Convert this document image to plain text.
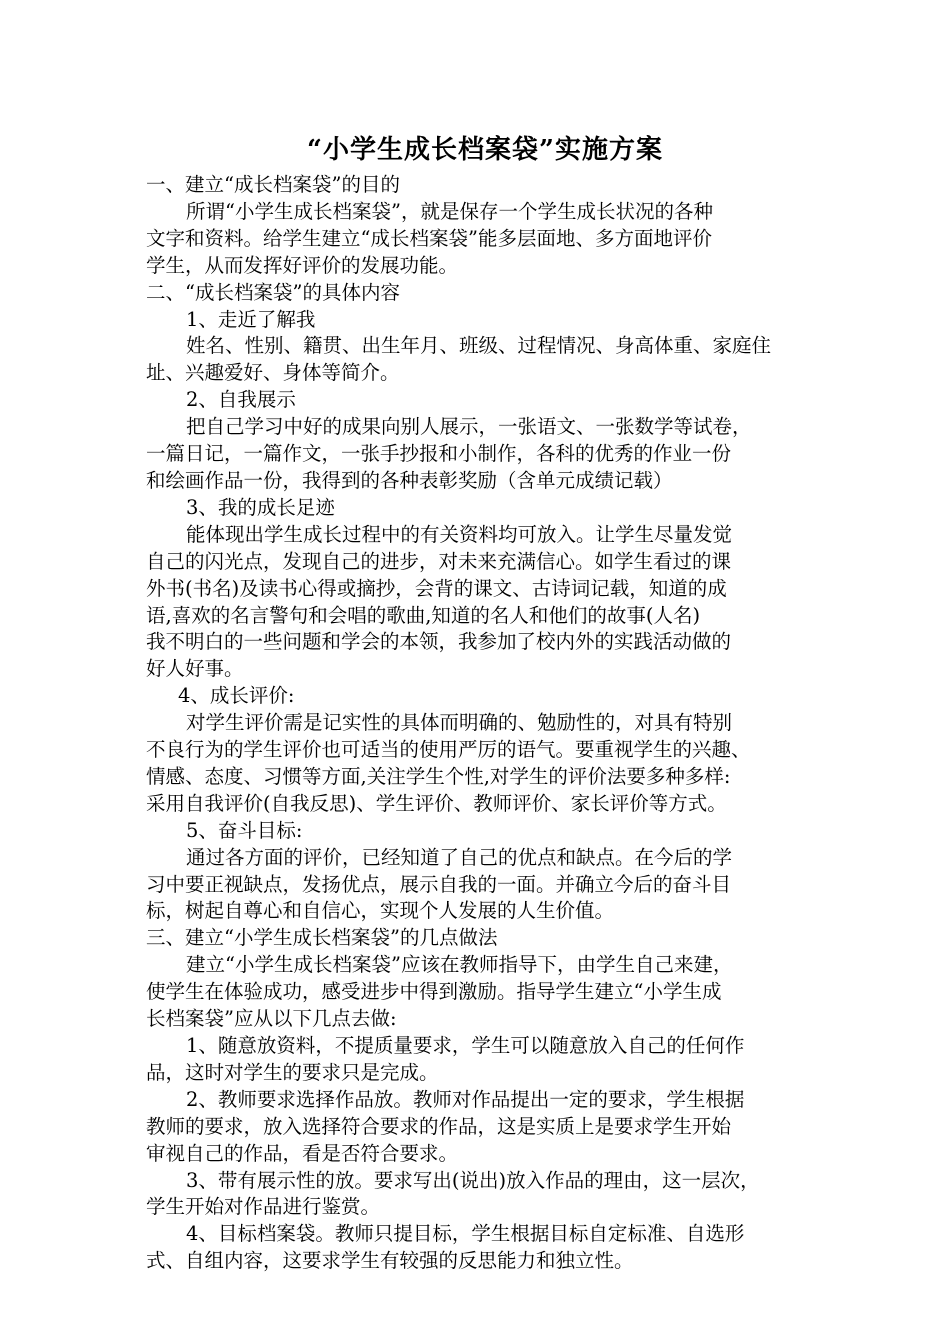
“小学生成长档案袋”实施方案
一、建立“成长档案袋”的目的
所谓“小学生成长档案袋”，就是保存一个学生成长状况的各种
文字和资料。给学生建立“成长档案袋”能多层面地、多方面地评价
学生，从而发挥好评价的发展功能。
二、“成长档案袋”的具体内容
1、走近了解我
姓名、性别、籍贯、出生年月、班级、过程情况、身高体重、家庭住
址、兴趣爱好、身体等简介。
2、自我展示
把自己学习中好的成果向别人展示，一张语文、一张数学等试卷，
一篇日记，一篇作文，一张手抄报和小制作，各科的优秀的作业一份
和绘画作品一份，我得到的各种表彰奖励（含单元成绩记载）
3、我的成长足迹
能体现出学生成长过程中的有关资料均可放入。让学生尽量发觉
自己的闪光点，发现自己的进步，对未来充满信心。如学生看过的课
外书(书名)及读书心得或摘抄，会背的课文、古诗词记载，知道的成
语,喜欢的名言警句和会唱的歌曲,知道的名人和他们的故事(人名)
我不明白的一些问题和学会的本领，我参加了校内外的实践活动做的
好人好事。
4、成长评价:
对学生评价需是记实性的具体而明确的、勉励性的，对具有特别
不良行为的学生评价也可适当的使用严厉的语气。要重视学生的兴趣、
情感、态度、习惯等方面,关注学生个性,对学生的评价法要多种多样:
采用自我评价(自我反思)、学生评价、教师评价、家长评价等方式。
5、奋斗目标:
通过各方面的评价，已经知道了自己的优点和缺点。在今后的学
习中要正视缺点，发扬优点，展示自我的一面。并确立今后的奋斗目
标，树起自尊心和自信心，实现个人发展的人生价值。
三、建立“小学生成长档案袋”的几点做法
建立“小学生成长档案袋”应该在教师指导下，由学生自己来建，
使学生在体验成功，感受进步中得到激励。指导学生建立“小学生成
长档案袋”应从以下几点去做:
1、随意放资料，不提质量要求，学生可以随意放入自己的任何作
品，这时对学生的要求只是完成。
2、教师要求选择作品放。教师对作品提出一定的要求，学生根据
教师的要求，放入选择符合要求的作品，这是实质上是要求学生开始
审视自己的作品，看是否符合要求。
3、带有展示性的放。要求写出(说出)放入作品的理由，这一层次，
学生开始对作品进行鉴赏。
4、目标档案袋。教师只提目标，学生根据目标自定标准、自选形
式、自组内容，这要求学生有较强的反思能力和独立性。
